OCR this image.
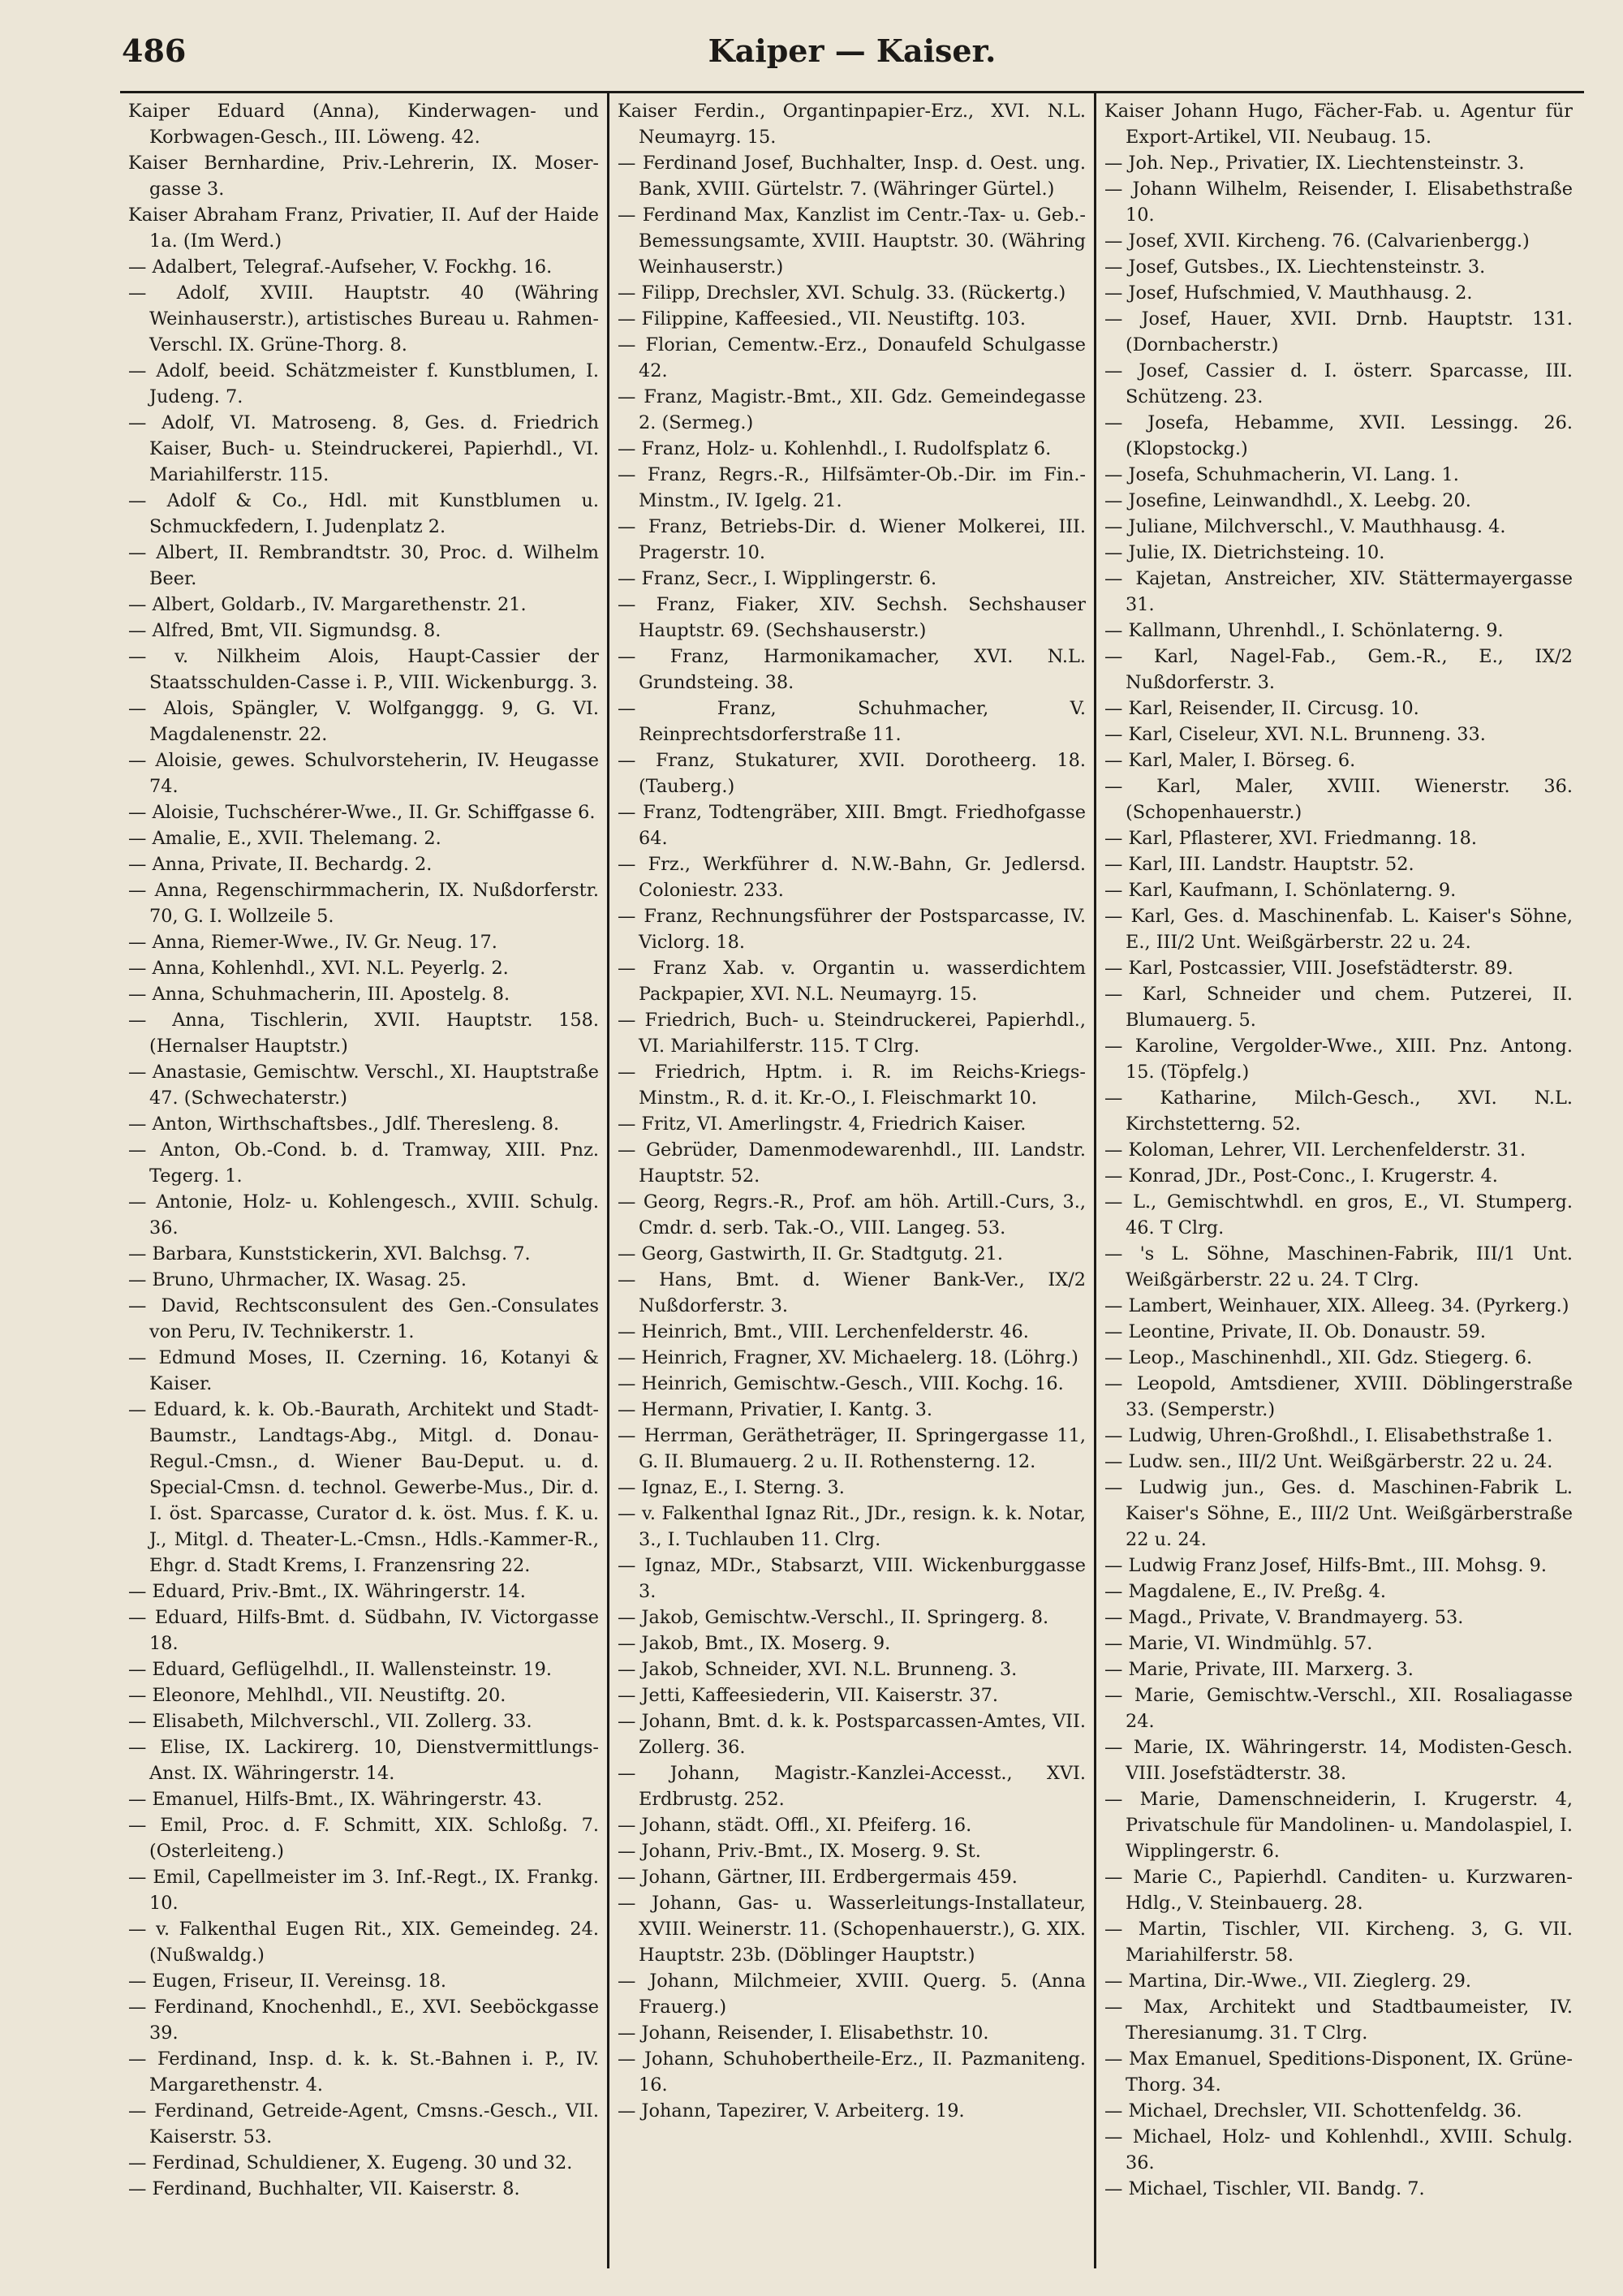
486	Kaiper — Kaiser.

Kaiper Eduard (Anna), Kinderwagen- und Korbwagen-Gesch., III. Löweng. 42.

Kaiser Bernhardine, Priv.-Lehrerin, IX. Moser-gasse 3.

Kaiser Abraham Franz, Privatier, II. Auf der Haide 1a. (Im Werd.)

— Adalbert, Telegraf.-Aufseher, V. Fockhg. 16.

— Adolf, XVIII. Hauptstr. 40 (Währing Weinhauserstr.), artistisches Bureau u. Rahmen-Verschl. IX. Grüne-Thorg. 8.

— Adolf, beeid. Schätzmeister f. Kunstblumen, I. Judeng. 7.

— Adolf, VI. Matrosеng. 8, Ges. d. Friedrich Kaiser, Buch- u. Steindruckerei, Papierhdl., VI. Mariahilferstr. 115.

— Adolf & Co., Hdl. mit Kunstblumen u. Schmuckfedern, I. Judenplatz 2.

— Albert, II. Rembrandtstr. 30, Proc. d. Wilhelm Beer.

— Albert, Goldarb., IV. Margarethenstr. 21.

— Alfred, Bmt, VII. Sigmundsg. 8.

— v. Nilkheim Alois, Haupt-Cassier der Staatsschulden-Casse i. P., VIII. Wickenburgg. 3.

— Alois, Spängler, V. Wolfganggg. 9, G. VI. Magdalenenstr. 22.

— Aloisie, gewes. Schulvorsteherin, IV. Heugasse 74.

— Aloisie, Tuchschérer-Wwe., II. Gr. Schiffgasse 6.

— Amalie, E., XVII. Thelemang. 2.

— Anna, Private, II. Bechardg. 2.

— Anna, Regenschirmmacherin, IX. Nußdorferstr. 70, G. I. Wollzeile 5.

— Anna, Riemer-Wwe., IV. Gr. Neug. 17.

— Anna, Kohlenhdl., XVI. N.L. Peyerlg. 2.

— Anna, Schuhmacherin, III. Apostelg. 8.

— Anna, Tischlerin, XVII. Hauptstr. 158. (Hernalser Hauptstr.)

— Anastasie, Gemischtw. Verschl., XI. Hauptstraße 47. (Schwechaterstr.)

— Anton, Wirthschaftsbes., Jdlf. Thereslеng. 8.

— Anton, Ob.-Cond. b. d. Tramway, XIII. Pnz. Tegerg. 1.

— Antonie, Holz- u. Kohlengesch., XVIII. Schulg. 36.

— Barbara, Kunststickerin, XVI. Balchsg. 7.

— Bruno, Uhrmacher, IX. Wasag. 25.

— David, Rechtsconsulent des Gen.-Consulates von Peru, IV. Technikerstr. 1.

— Edmund Moses, II. Czerning. 16, Kotanyi & Kaiser.

— Eduard, k. k. Ob.-Baurath, Architekt und Stadt-Baumstr., Landtags-Abg., Mitgl. d. Donau-Regul.-Cmsn., d. Wiener Bau-Deput. u. d. Special-Cmsn. d. technol. Gewerbe-Mus., Dir. d. I. öst. Sparcasse, Curator d. k. öst. Mus. f. K. u. J., Mitgl. d. Theater-L.-Cmsn., Hdls.-Kammer-R., Ehgr. d. Stadt Krems, I. Franzensring 22.

— Eduard, Priv.-Bmt., IX. Währingerstr. 14.

— Eduard, Hilfs-Bmt. d. Südbahn, IV. Victorgasse 18.

— Eduard, Geflügelhdl., II. Wallensteinstr. 19.

— Eleonore, Mehlhdl., VII. Neustiftg. 20.

— Elisabeth, Milchverschl., VII. Zollerg. 33.

— Elise, IX. Lackirerg. 10, Dienstvermittlungs-Anst. IX. Währingerstr. 14.

— Emanuel, Hilfs-Bmt., IX. Währingerstr. 43.

— Emil, Proc. d. F. Schmitt, XIX. Schloßg. 7. (Osterleitеng.)

— Emil, Capellmeister im 3. Inf.-Regt., IX. Frankg. 10.

— v. Falkenthal Eugen Rit., XIX. Gemeindeg. 24. (Nußwaldg.)

— Eugen, Friseur, II. Vereinsg. 18.

— Ferdinand, Knochenhdl., E., XVI. Seeböckgasse 39.

— Ferdinand, Insp. d. k. k. St.-Bahnen i. P., IV. Margarethenstr. 4.

— Ferdinand, Getreide-Agent, Cmsns.-Gesch., VII. Kaiserstr. 53.

— Ferdinad, Schuldiener, X. Eugeng. 30 und 32.

— Ferdinand, Buchhalter, VII. Kaiserstr. 8.

Kaiser Ferdin., Organtinpapier-Erz., XVI. N.L. Neumayrg. 15.

— Ferdinand Josef, Buchhalter, Insp. d. Oest. ung. Bank, XVIII. Gürtelstr. 7. (Währinger Gürtel.)

— Ferdinand Max, Kanzlist im Centr.-Tax- u. Geb.-Bemessungsamte, XVIII. Hauptstr. 30. (Währing Weinhauserstr.)

— Filipp, Drechsler, XVI. Schulg. 33. (Rückertg.)

— Filippine, Kaffeesied., VII. Neustiftg. 103.

— Florian, Cementw.-Erz., Donaufeld Schulgasse 42.

— Franz, Magistr.-Bmt., XII. Gdz. Gemeindegasse 2. (Sermeg.)

— Franz, Holz- u. Kohlenhdl., I. Rudolfsplatz 6.

— Franz, Regrs.-R., Hilfsämter-Ob.-Dir. im Fin.-Minstm., IV. Igelg. 21.

— Franz, Betriebs-Dir. d. Wiener Molkerei, III. Pragerstr. 10.

— Franz, Secr., I. Wipplingerstr. 6.

— Franz, Fiaker, XIV. Sechsh. Sechshauser Hauptstr. 69. (Sechshauserstr.)

— Franz, Harmonikamacher, XVI. N.L. Grundsteing. 38.

— Franz, Schuhmacher, V. Reinprechtsdorferstraße 11.

— Franz, Stukaturer, XVII. Dorotheerg. 18. (Tauberg.)

— Franz, Todtengräber, XIII. Bmgt. Friedhofgasse 64.

— Frz., Werkführer d. N.W.-Bahn, Gr. Jedlersd. Coloniestr. 233.

— Franz, Rechnungsführer der Postsparcasse, IV. Viclorg. 18.

— Franz Xab. v. Organtin u. wasserdichtem Packpapier, XVI. N.L. Neumayrg. 15.

— Friedrich, Buch- u. Steindruckerei, Papierhdl., VI. Mariahilferstr. 115. T Clrg.

— Friedrich, Hptm. i. R. im Reichs-Kriegs-Minstm., R. d. it. Kr.-O., I. Fleischmarkt 10.

— Fritz, VI. Amerlingstr. 4, Friedrich Kaiser.

— Gebrüder, Damenmodewarenhdl., III. Landstr. Hauptstr. 52.

— Georg, Regrs.-R., Prof. am höh. Artill.-Curs, 3., Cmdr. d. serb. Tak.-O., VIII. Langeg. 53.

— Georg, Gastwirth, II. Gr. Stadtgutg. 21.

— Hans, Bmt. d. Wiener Bank-Ver., IX/2 Nußdorferstr. 3.

— Heinrich, Bmt., VIII. Lerchenfelderstr. 46.

— Heinrich, Fragner, XV. Michaelerg. 18. (Löhrg.)

— Heinrich, Gemischtw.-Gesch., VIII. Kochg. 16.

— Hermann, Privatier, I. Kantg. 3.

— Herrman, Geräthеträger, II. Springergasse 11, G. II. Blumauerg. 2 u. II. Rothensterng. 12.

— Ignaz, E., I. Sterng. 3.

— v. Falkenthal Ignaz Rit., JDr., resign. k. k. Notar, 3., I. Tuchlauben 11. Clrg.

— Ignaz, MDr., Stabsarzt, VIII. Wickenburggasse 3.

— Jakob, Gemischtw.-Verschl., II. Springerg. 8.

— Jakob, Bmt., IX. Moserg. 9.

— Jakob, Schneider, XVI. N.L. Brunneng. 3.

— Jetti, Kaffeesiederin, VII. Kaiserstr. 37.

— Johann, Bmt. d. k. k. Postsparcassen-Amtes, VII. Zollerg. 36.

— Johann, Magistr.-Kanzlei-Accesst., XVI. Erdbrustg. 252.

— Johann, städt. Offl., XI. Pfeiferg. 16.

— Johann, Priv.-Bmt., IX. Moserg. 9. St.

— Johann, Gärtner, III. Erdbergermais 459.

— Johann, Gas- u. Wasserleitungs-Installateur, XVIII. Weinerstr. 11. (Schopenhauerstr.), G. XIX. Hauptstr. 23b. (Döblinger Hauptstr.)

— Johann, Milchmeier, XVIII. Querg. 5. (Anna Frauerg.)

— Johann, Reisender, I. Elisabethstr. 10.

— Johann, Schuhobertheile-Erz., II. Pazmaniteng. 16.

— Johann, Tapezirer, V. Arbeiterg. 19.

Kaiser Johann Hugo, Fächer-Fab. u. Agentur für Export-Artikel, VII. Neubaug. 15.

— Joh. Nep., Privatier, IX. Liechtensteinstr. 3.

— Johann Wilhelm, Reisender, I. Elisabethstraße 10.

— Josef, XVII. Kircheng. 76. (Calvarienbergg.)

— Josef, Gutsbes., IX. Liechtensteinstr. 3.

— Josef, Hufschmied, V. Mauthhausg. 2.

— Josef, Hauer, XVII. Drnb. Hauptstr. 131. (Dornbacherstr.)

— Josef, Cassier d. I. österr. Sparcasse, III. Schützeng. 23.

— Josefa, Hebamme, XVII. Lessingg. 26. (Klopstockg.)

— Josefa, Schuhmacherin, VI. Lang. 1.

— Josefine, Leinwandhdl., X. Leebg. 20.

— Juliane, Milchverschl., V. Mauthhausg. 4.

— Julie, IX. Dietrichsteing. 10.

— Kajetan, Anstreicher, XIV. Stättermayergasse 31.

— Kallmann, Uhrenhdl., I. Schönlaterng. 9.

— Karl, Nagel-Fab., Gem.-R., E., IX/2 Nußdorferstr. 3.

— Karl, Reisender, II. Circusg. 10.

— Karl, Ciseleur, XVI. N.L. Brunneng. 33.

— Karl, Maler, I. Börseg. 6.

— Karl, Maler, XVIII. Wienerstr. 36. (Schopenhauerstr.)

— Karl, Pflasterer, XVI. Friedmanng. 18.

— Karl, III. Landstr. Hauptstr. 52.

— Karl, Kaufmann, I. Schönlaterng. 9.

— Karl, Ges. d. Maschinenfab. L. Kaiser's Söhne, E., III/2 Unt. Weißgärberstr. 22 u. 24.

— Karl, Postcassier, VIII. Josefstädterstr. 89.

— Karl, Schneider und chem. Putzerei, II. Blumauerg. 5.

— Karoline, Vergolder-Wwe., XIII. Pnz. Antong. 15. (Töpfelg.)

— Katharine, Milch-Gesch., XVI. N.L. Kirchstetterng. 52.

— Koloman, Lehrer, VII. Lerchenfelderstr. 31.

— Konrad, JDr., Post-Conc., I. Krugerstr. 4.

— L., Gemischtwhdl. en gros, E., VI. Stumperg. 46. T Clrg.

— 's L. Söhne, Maschinen-Fabrik, III/1 Unt. Weißgärberstr. 22 u. 24. T Clrg.

— Lambert, Weinhauer, XIX. Alleeg. 34. (Pyrkerg.)

— Leontine, Private, II. Ob. Donaustr. 59.

— Leop., Maschinenhdl., XII. Gdz. Stiegerg. 6.

— Leopold, Amtsdiener, XVIII. Döblingerstraße 33. (Semperstr.)

— Ludwig, Uhren-Großhdl., I. Elisabethstraße 1.

— Ludw. sen., III/2 Unt. Weißgärberstr. 22 u. 24.

— Ludwig jun., Ges. d. Maschinen-Fabrik L. Kaiser's Söhne, E., III/2 Unt. Weißgärberstraße 22 u. 24.

— Ludwig Franz Josef, Hilfs-Bmt., III. Mohsg. 9.

— Magdalene, E., IV. Preßg. 4.

— Magd., Private, V. Brandmayerg. 53.

— Marie, VI. Windmühlg. 57.

— Marie, Private, III. Marxerg. 3.

— Marie, Gemischtw.-Verschl., XII. Rosaliagasse 24.

— Marie, IX. Währingerstr. 14, Modisten-Gesch. VIII. Josefstädterstr. 38.

— Marie, Damenschneiderin, I. Krugerstr. 4, Privatschule für Mandolinen- u. Mandolaspiel, I. Wipplingerstr. 6.

— Marie C., Papierhdl. Canditen- u. Kurzwaren-Hdlg., V. Steinbauerg. 28.

— Martin, Tischler, VII. Kircheng. 3, G. VII. Mariahilferstr. 58.

— Martina, Dir.-Wwe., VII. Zieglerg. 29.

— Max, Architekt und Stadtbaumeister, IV. Theresianumg. 31. T Clrg.

— Max Emanuel, Speditions-Disponent, IX. Grüne-Thorg. 34.

— Michael, Drechsler, VII. Schottenfeldg. 36.

— Michael, Holz- und Kohlenhdl., XVIII. Schulg. 36.

— Michael, Tischler, VII. Bandg. 7.
